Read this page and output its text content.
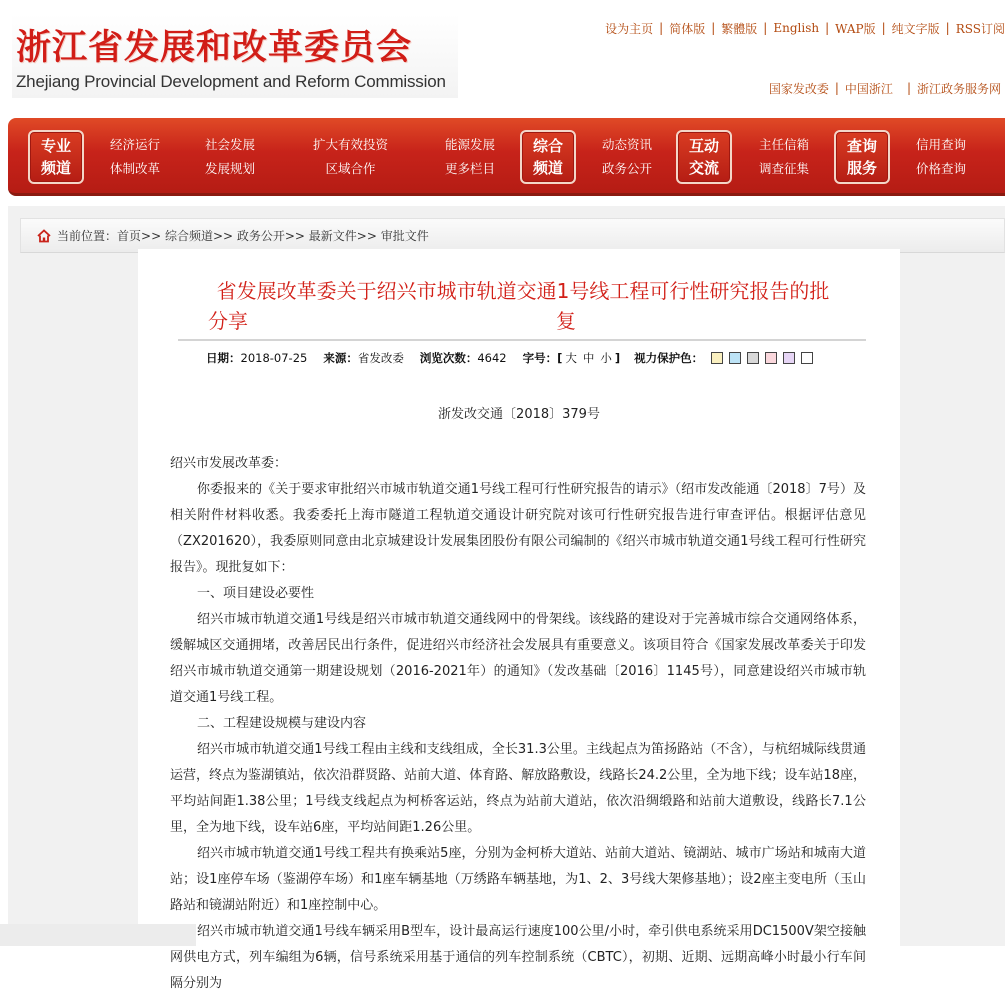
浙江省发展和改革委员会
Zhejiang Provincial Development and Reform Commission
设为主页 | 简体版 | 繁體版 | English | WAP版 | 纯文字版 | RSS订阅
国家发改委 | 中国浙江	| 浙江政务服务网
专业
频道
经济运行
体制改革
社会发展
发展规划
扩大有效投资
区域合作
能源发展
更多栏目
综合
频道
动态资讯
政务公开
互动
交流
主任信箱
调查征集
查询
服务
信用查询
价格查询
当前位置： 首页>> 综合频道>> 政务公开>> 最新文件>> 审批文件
省发展改革委关于绍兴市城市轨道交通1号线工程可行性研究报告的批
分享	复
日期：2018-07-25 来源：省发改委 浏览次数：4642 字号：[ 大 中 小 ] 视力保护色：
浙发改交通〔2018〕379号

绍兴市发展改革委：

你委报来的《关于要求审批绍兴市城市轨道交通1号线工程可行性研究报告的请示》（绍市发改能通〔2018〕7号）及相关附件材料收悉。我委委托上海市隧道工程轨道交通设计研究院对该可行性研究报告进行审查评估。根据评估意见（ZX201620），我委原则同意由北京城建设计发展集团股份有限公司编制的《绍兴市城市轨道交通1号线工程可行性研究报告》。现批复如下：

一、项目建设必要性

绍兴市城市轨道交通1号线是绍兴市城市轨道交通线网中的骨架线。该线路的建设对于完善城市综合交通网络体系，缓解城区交通拥堵，改善居民出行条件，促进绍兴市经济社会发展具有重要意义。该项目符合《国家发展改革委关于印发绍兴市城市轨道交通第一期建设规划（2016-2021年）的通知》（发改基础〔2016〕1145号），同意建设绍兴市城市轨道交通1号线工程。

二、工程建设规模与建设内容

绍兴市城市轨道交通1号线工程由主线和支线组成，全长31.3公里。主线起点为笛扬路站（不含），与杭绍城际线贯通运营，终点为鉴湖镇站，依次沿群贤路、站前大道、体育路、解放路敷设，线路长24.2公里，全为地下线；设车站18座，平均站间距1.38公里；1号线支线起点为柯桥客运站，终点为站前大道站，依次沿绸缎路和站前大道敷设，线路长7.1公里，全为地下线，设车站6座，平均站间距1.26公里。

绍兴市城市轨道交通1号线工程共有换乘站5座，分别为金柯桥大道站、站前大道站、镜湖站、城市广场站和城南大道站；设1座停车场（鉴湖停车场）和1座车辆基地（万绣路车辆基地，为1、2、3号线大架修基地）；设2座主变电所（玉山路站和镜湖站附近）和1座控制中心。

绍兴市城市轨道交通1号线车辆采用B型车，设计最高运行速度100公里/小时，牵引供电系统采用DC1500V架空接触网供电方式，列车编组为6辆，信号系统采用基于通信的列车控制系统（CBTC），初期、近期、远期高峰小时最小行车间隔分别为
